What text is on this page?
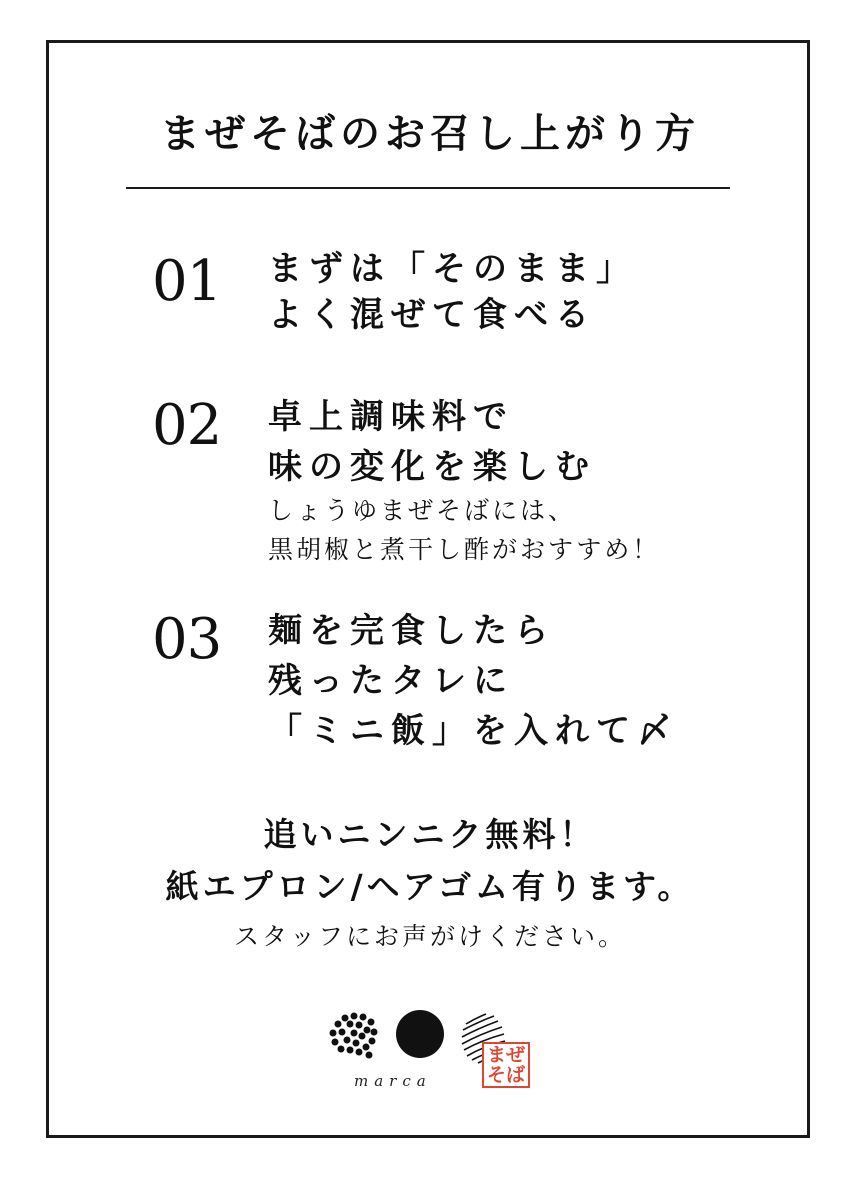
まぜそばのお召し上がり方
01 まずは「そのまま」
よく混ぜて食べる
02 卓上調味料で
味の変化を楽しむ
しょうゆまぜそばには、
黒胡椒と煮干し酢がおすすめ！
03 麺を完食したら
残ったタレに
「ミニ飯」を入れて〆
追いニンニク無料！
紙エプロン/ヘアゴム有ります。
スタッフにお声がけください。
marca
まぜ
そば
